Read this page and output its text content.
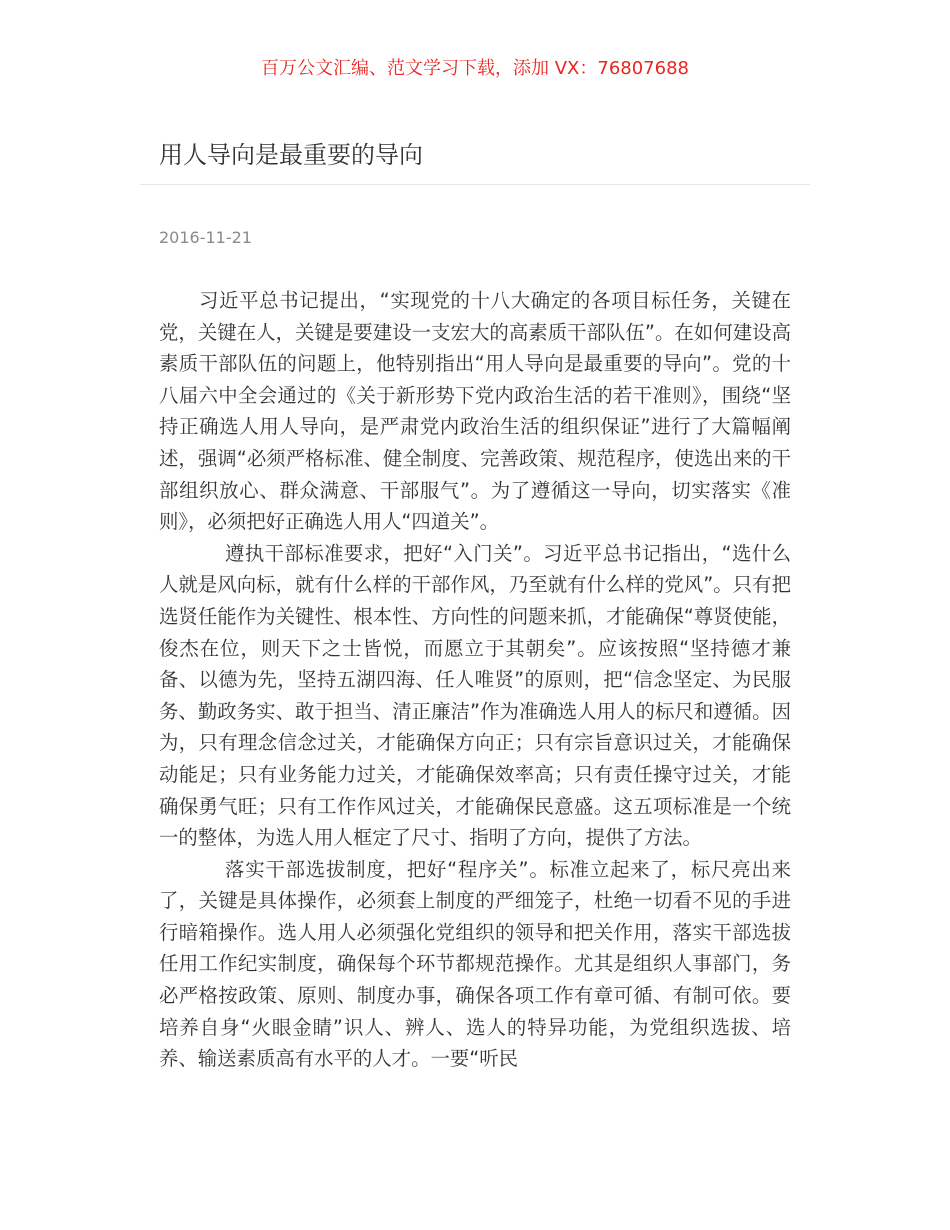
百万公文汇编、范文学习下载，添加 VX：76807688
用人导向是最重要的导向
2016-11-21

习近平总书记提出，“实现党的十八大确定的各项目标任务，关键在党，关键在人，关键是要建设一支宏大的高素质干部队伍”。在如何建设高素质干部队伍的问题上，他特别指出“用人导向是最重要的导向”。党的十八届六中全会通过的《关于新形势下党内政治生活的若干准则》，围绕“坚持正确选人用人导向，是严肃党内政治生活的组织保证”进行了大篇幅阐述，强调“必须严格标准、健全制度、完善政策、规范程序，使选出来的干部组织放心、群众满意、干部服气”。为了遵循这一导向，切实落实《准则》，必须把好正确选人用人“四道关”。

遵执干部标准要求，把好“入门关”。习近平总书记指出，“选什么人就是风向标，就有什么样的干部作风，乃至就有什么样的党风”。只有把选贤任能作为关键性、根本性、方向性的问题来抓，才能确保“尊贤使能，俊杰在位，则天下之士皆悦，而愿立于其朝矣”。应该按照“坚持德才兼备、以德为先，坚持五湖四海、任人唯贤”的原则，把“信念坚定、为民服务、勤政务实、敢于担当、清正廉洁”作为准确选人用人的标尺和遵循。因为，只有理念信念过关，才能确保方向正；只有宗旨意识过关，才能确保动能足；只有业务能力过关，才能确保效率高；只有责任操守过关，才能确保勇气旺；只有工作作风过关，才能确保民意盛。这五项标准是一个统一的整体，为选人用人框定了尺寸、指明了方向，提供了方法。

落实干部选拔制度，把好“程序关”。标准立起来了，标尺亮出来了，关键是具体操作，必须套上制度的严细笼子，杜绝一切看不见的手进行暗箱操作。选人用人必须强化党组织的领导和把关作用，落实干部选拔任用工作纪实制度，确保每个环节都规范操作。尤其是组织人事部门，务必严格按政策、原则、制度办事，确保各项工作有章可循、有制可依。要培养自身“火眼金睛”识人、辨人、选人的特异功能，为党组织选拔、培养、输送素质高有水平的人才。一要“听民
